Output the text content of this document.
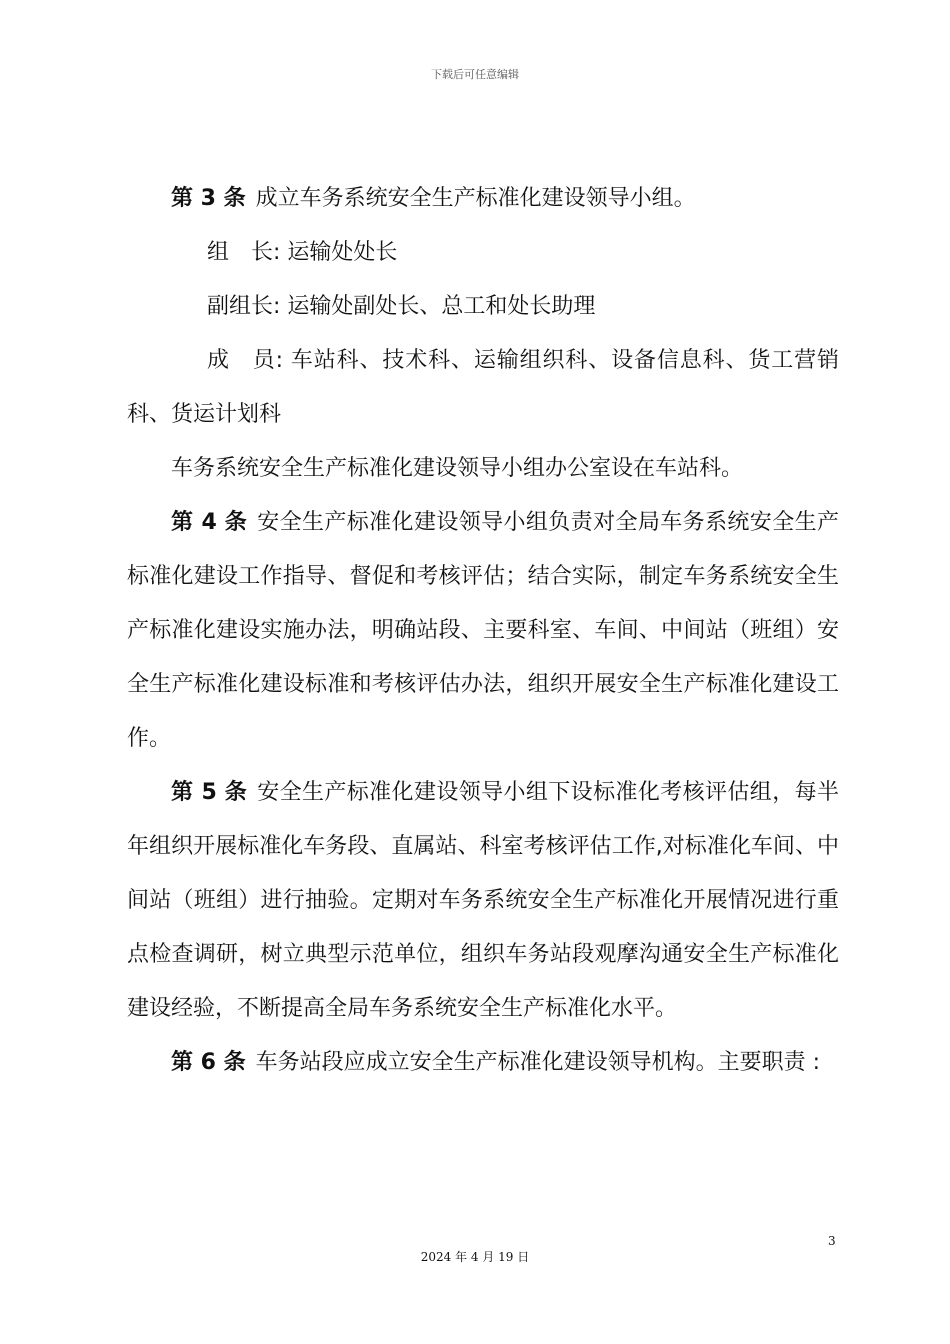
下载后可任意编辑

第 3 条 成立车务系统安全生产标准化建设领导小组。

组　长: 运输处处长

副组长: 运输处副处长、总工和处长助理

成　员: 车站科、技术科、运输组织科、设备信息科、货工营销科、货运计划科

车务系统安全生产标准化建设领导小组办公室设在车站科。

第 4 条 安全生产标准化建设领导小组负责对全局车务系统安全生产标准化建设工作指导、督促和考核评估；结合实际，制定车务系统安全生产标准化建设实施办法，明确站段、主要科室、车间、中间站（班组）安全生产标准化建设标准和考核评估办法，组织开展安全生产标准化建设工作。

第 5 条 安全生产标准化建设领导小组下设标准化考核评估组，每半年组织开展标准化车务段、直属站、科室考核评估工作,对标准化车间、中间站（班组）进行抽验。定期对车务系统安全生产标准化开展情况进行重点检查调研，树立典型示范单位，组织车务站段观摩沟通安全生产标准化建设经验，不断提高全局车务系统安全生产标准化水平。

第 6 条 车务站段应成立安全生产标准化建设领导机构。主要职责 :

3
2024 年 4 月 19 日
